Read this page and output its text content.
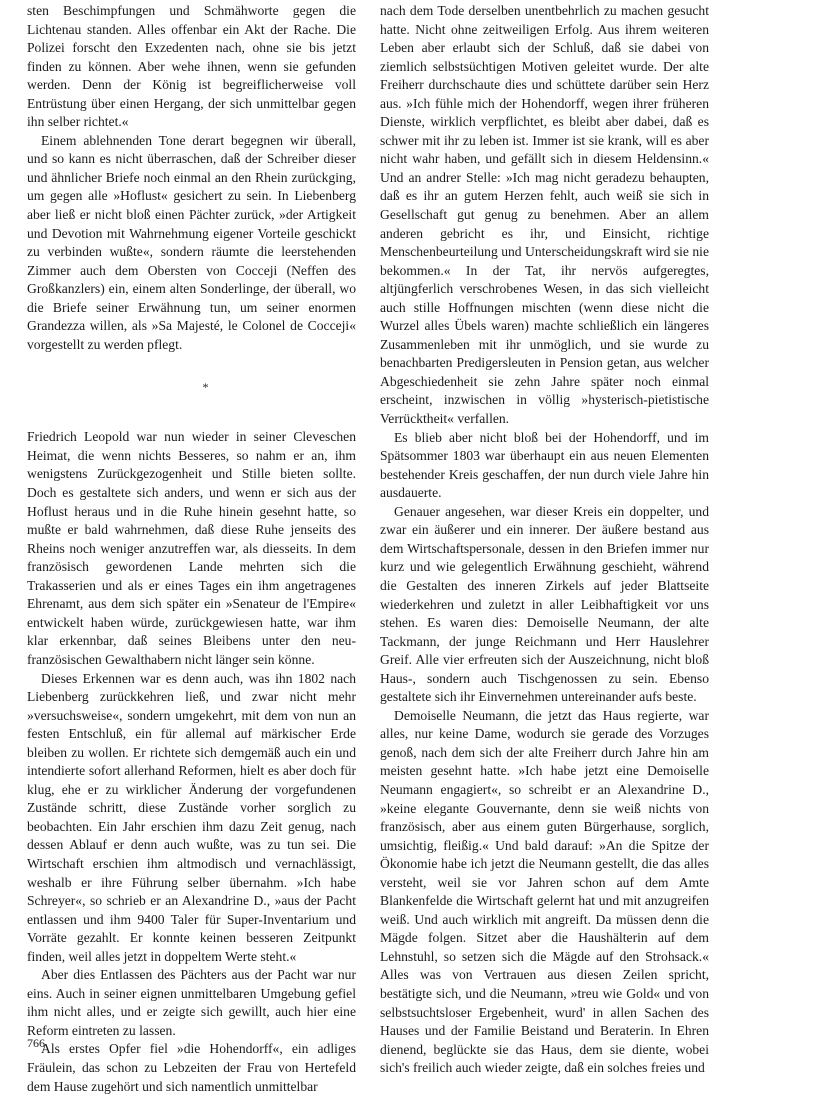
sten Beschimpfungen und Schmähworte gegen die Lichtenau standen. Alles offenbar ein Akt der Rache. Die Polizei forscht den Exzedenten nach, ohne sie bis jetzt finden zu können. Aber wehe ihnen, wenn sie gefunden werden. Denn der König ist begreiflicherweise voll Entrüstung über einen Hergang, der sich unmittelbar gegen ihn selber richtet.«

Einem ablehnenden Tone derart begegnen wir überall, und so kann es nicht überraschen, daß der Schreiber dieser und ähnlicher Briefe noch einmal an den Rhein zurückging, um gegen alle »Hoflust« gesichert zu sein. In Liebenberg aber ließ er nicht bloß einen Pächter zurück, »der Artigkeit und Devotion mit Wahrnehmung eigener Vorteile geschickt zu verbinden wußte«, sondern räumte die leerstehenden Zimmer auch dem Obersten von Cocceji (Neffen des Großkanzlers) ein, einem alten Sonderlinge, der überall, wo die Briefe seiner Erwähnung tun, um seiner enormen Grandezza willen, als »Sa Majesté, le Colonel de Cocceji« vorgestellt zu werden pflegt.

*

Friedrich Leopold war nun wieder in seiner Cleveschen Heimat, die wenn nichts Besseres, so nahm er an, ihm wenigstens Zurückgezogenheit und Stille bieten sollte. Doch es gestaltete sich anders, und wenn er sich aus der Hoflust heraus und in die Ruhe hinein gesehnt hatte, so mußte er bald wahrnehmen, daß diese Ruhe jenseits des Rheins noch weniger anzutreffen war, als diesseits. In dem französisch gewordenen Lande mehrten sich die Trakasserien und als er eines Tages ein ihm angetragenes Ehrenamt, aus dem sich später ein »Senateur de l'Empire« entwickelt haben würde, zurückgewiesen hatte, war ihm klar erkennbar, daß seines Bleibens unter den neu-französischen Gewalthabern nicht länger sein könne.

Dieses Erkennen war es denn auch, was ihn 1802 nach Liebenberg zurückkehren ließ, und zwar nicht mehr »versuchsweise«, sondern umgekehrt, mit dem von nun an festen Entschluß, ein für allemal auf märkischer Erde bleiben zu wollen. Er richtete sich demgemäß auch ein und intendierte sofort allerhand Reformen, hielt es aber doch für klug, ehe er zu wirklicher Änderung der vorgefundenen Zustände schritt, diese Zustände vorher sorglich zu beobachten. Ein Jahr erschien ihm dazu Zeit genug, nach dessen Ablauf er denn auch wußte, was zu tun sei. Die Wirtschaft erschien ihm altmodisch und vernachlässigt, weshalb er ihre Führung selber übernahm. »Ich habe Schreyer«, so schrieb er an Alexandrine D., »aus der Pacht entlassen und ihm 9400 Taler für Super-Inventarium und Vorräte gezahlt. Er konnte keinen besseren Zeitpunkt finden, weil alles jetzt in doppeltem Werte steht.«

Aber dies Entlassen des Pächters aus der Pacht war nur eins. Auch in seiner eignen unmittelbaren Umgebung gefiel ihm nicht alles, und er zeigte sich gewillt, auch hier eine Reform eintreten zu lassen.

Als erstes Opfer fiel »die Hohendorff«, ein adliges Fräulein, das schon zu Lebzeiten der Frau von Hertefeld dem Hause zugehört und sich namentlich unmittelbar

nach dem Tode derselben unentbehrlich zu machen gesucht hatte. Nicht ohne zeitweiligen Erfolg. Aus ihrem weiteren Leben aber erlaubt sich der Schluß, daß sie dabei von ziemlich selbstsüchtigen Motiven geleitet wurde. Der alte Freiherr durchschaute dies und schüttete darüber sein Herz aus. »Ich fühle mich der Hohendorff, wegen ihrer früheren Dienste, wirklich verpflichtet, es bleibt aber dabei, daß es schwer mit ihr zu leben ist. Immer ist sie krank, will es aber nicht wahr haben, und gefällt sich in diesem Heldensinn.« Und an andrer Stelle: »Ich mag nicht geradezu behaupten, daß es ihr an gutem Herzen fehlt, auch weiß sie sich in Gesellschaft gut genug zu benehmen. Aber an allem anderen gebricht es ihr, und Einsicht, richtige Menschenbeurteilung und Unterscheidungskraft wird sie nie bekommen.« In der Tat, ihr nervös aufgeregtes, altjüngferlich verschrobenes Wesen, in das sich vielleicht auch stille Hoffnungen mischten (wenn diese nicht die Wurzel alles Übels waren) machte schließlich ein längeres Zusammenleben mit ihr unmöglich, und sie wurde zu benachbarten Predigersleuten in Pension getan, aus welcher Abgeschiedenheit sie zehn Jahre später noch einmal erscheint, inzwischen in völlig »hysterisch-pietistische Verrücktheit« verfallen.

Es blieb aber nicht bloß bei der Hohendorff, und im Spätsommer 1803 war überhaupt ein aus neuen Elementen bestehender Kreis geschaffen, der nun durch viele Jahre hin ausdauerte.

Genauer angesehen, war dieser Kreis ein doppelter, und zwar ein äußerer und ein innerer. Der äußere bestand aus dem Wirtschaftspersonale, dessen in den Briefen immer nur kurz und wie gelegentlich Erwähnung geschieht, während die Gestalten des inneren Zirkels auf jeder Blattseite wiederkehren und zuletzt in aller Leibhaftigkeit vor uns stehen. Es waren dies: Demoiselle Neumann, der alte Tackmann, der junge Reichmann und Herr Hauslehrer Greif. Alle vier erfreuten sich der Auszeichnung, nicht bloß Haus-, sondern auch Tischgenossen zu sein. Ebenso gestaltete sich ihr Einvernehmen untereinander aufs beste.

Demoiselle Neumann, die jetzt das Haus regierte, war alles, nur keine Dame, wodurch sie gerade des Vorzuges genoß, nach dem sich der alte Freiherr durch Jahre hin am meisten gesehnt hatte. »Ich habe jetzt eine Demoiselle Neumann engagiert«, so schreibt er an Alexandrine D., »keine elegante Gouvernante, denn sie weiß nichts von französisch, aber aus einem guten Bürgerhause, sorglich, umsichtig, fleißig.« Und bald darauf: »An die Spitze der Ökonomie habe ich jetzt die Neumann gestellt, die das alles versteht, weil sie vor Jahren schon auf dem Amte Blankenfelde die Wirtschaft gelernt hat und mit anzugreifen weiß. Und auch wirklich mit angreift. Da müssen denn die Mägde folgen. Sitzet aber die Haushälterin auf dem Lehnstuhl, so setzen sich die Mägde auf den Strohsack.« Alles was von Vertrauen aus diesen Zeilen spricht, bestätigte sich, und die Neumann, »treu wie Gold« und von selbstsuchtsloser Ergebenheit, wurd' in allen Sachen des Hauses und der Familie Beistand und Beraterin. In Ehren dienend, beglückte sie das Haus, dem sie diente, wobei sich's freilich auch wieder zeigte, daß ein solches freies und

766
